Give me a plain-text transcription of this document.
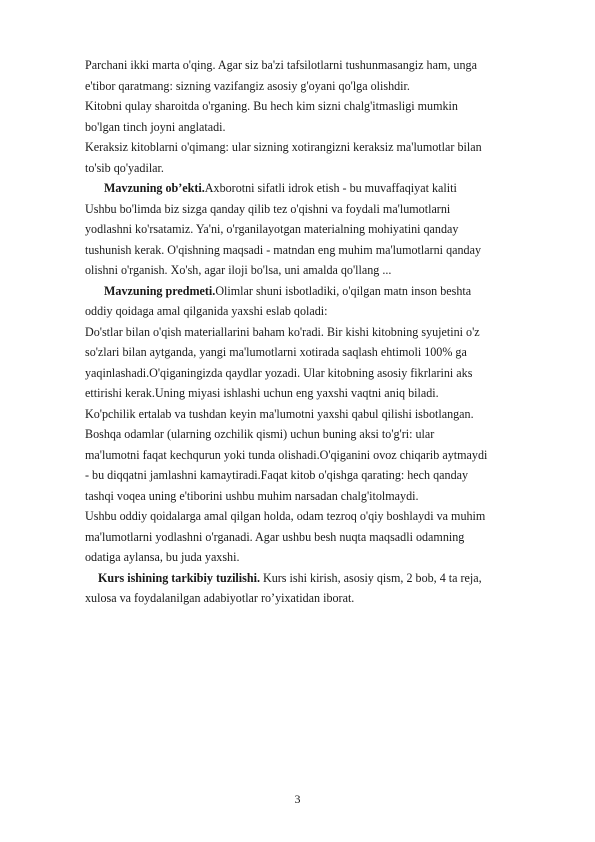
Parchani ikki marta o'qing. Agar siz ba'zi tafsilotlarni tushunmasangiz ham, unga
e'tibor qaratmang: sizning vazifangiz asosiy g'oyani qo'lga olishdir.
Kitobni qulay sharoitda o'rganing. Bu hech kim sizni chalg'itmasligi mumkin
bo'lgan tinch joyni anglatadi.
Keraksiz kitoblarni o'qimang: ular sizning xotirangizni keraksiz ma'lumotlar bilan
to'sib qo'yadilar.
Mavzuning ob’ekti.Axborotni sifatli idrok etish - bu muvaffaqiyat kaliti
Ushbu bo'limda biz sizga qanday qilib tez o'qishni va foydali ma'lumotlarni
yodlashni ko'rsatamiz. Ya'ni, o'rganilayotgan materialning mohiyatini qanday
tushunish kerak. O'qishning maqsadi - matndan eng muhim ma'lumotlarni qanday
olishni o'rganish. Xo'sh, agar iloji bo'lsa, uni amalda qo'llang ...
Mavzuning predmeti.Olimlar shuni isbotladiki, o'qilgan matn inson beshta
oddiy qoidaga amal qilganida yaxshi eslab qoladi:
Do'stlar bilan o'qish materiallarini baham ko'radi. Bir kishi kitobning syujetini o'z
so'zlari bilan aytganda, yangi ma'lumotlarni xotirada saqlash ehtimoli 100% ga
yaqinlashadi.O'qiganingizda qaydlar yozadi. Ular kitobning asosiy fikrlarini aks
ettirishi kerak.Uning miyasi ishlashi uchun eng yaxshi vaqtni aniq biladi.
Ko'pchilik ertalab va tushdan keyin ma'lumotni yaxshi qabul qilishi isbotlangan.
Boshqa odamlar (ularning ozchilik qismi) uchun buning aksi to'g'ri: ular
ma'lumotni faqat kechqurun yoki tunda olishadi.O'qiganini ovoz chiqarib aytmaydi
- bu diqqatni jamlashni kamaytiradi.Faqat kitob o'qishga qarating: hech qanday
tashqi voqea uning e'tiborini ushbu muhim narsadan chalg'itolmaydi.
Ushbu oddiy qoidalarga amal qilgan holda, odam tezroq o'qiy boshlaydi va muhim
ma'lumotlarni yodlashni o'rganadi. Agar ushbu besh nuqta maqsadli odamning
odatiga aylansa, bu juda yaxshi.
Kurs ishining tarkibiy tuzilishi. Kurs ishi kirish, asosiy qism, 2 bob, 4 ta reja,
xulosa va foydalanilgan adabiyotlar ro’yixatidan iborat.
3
